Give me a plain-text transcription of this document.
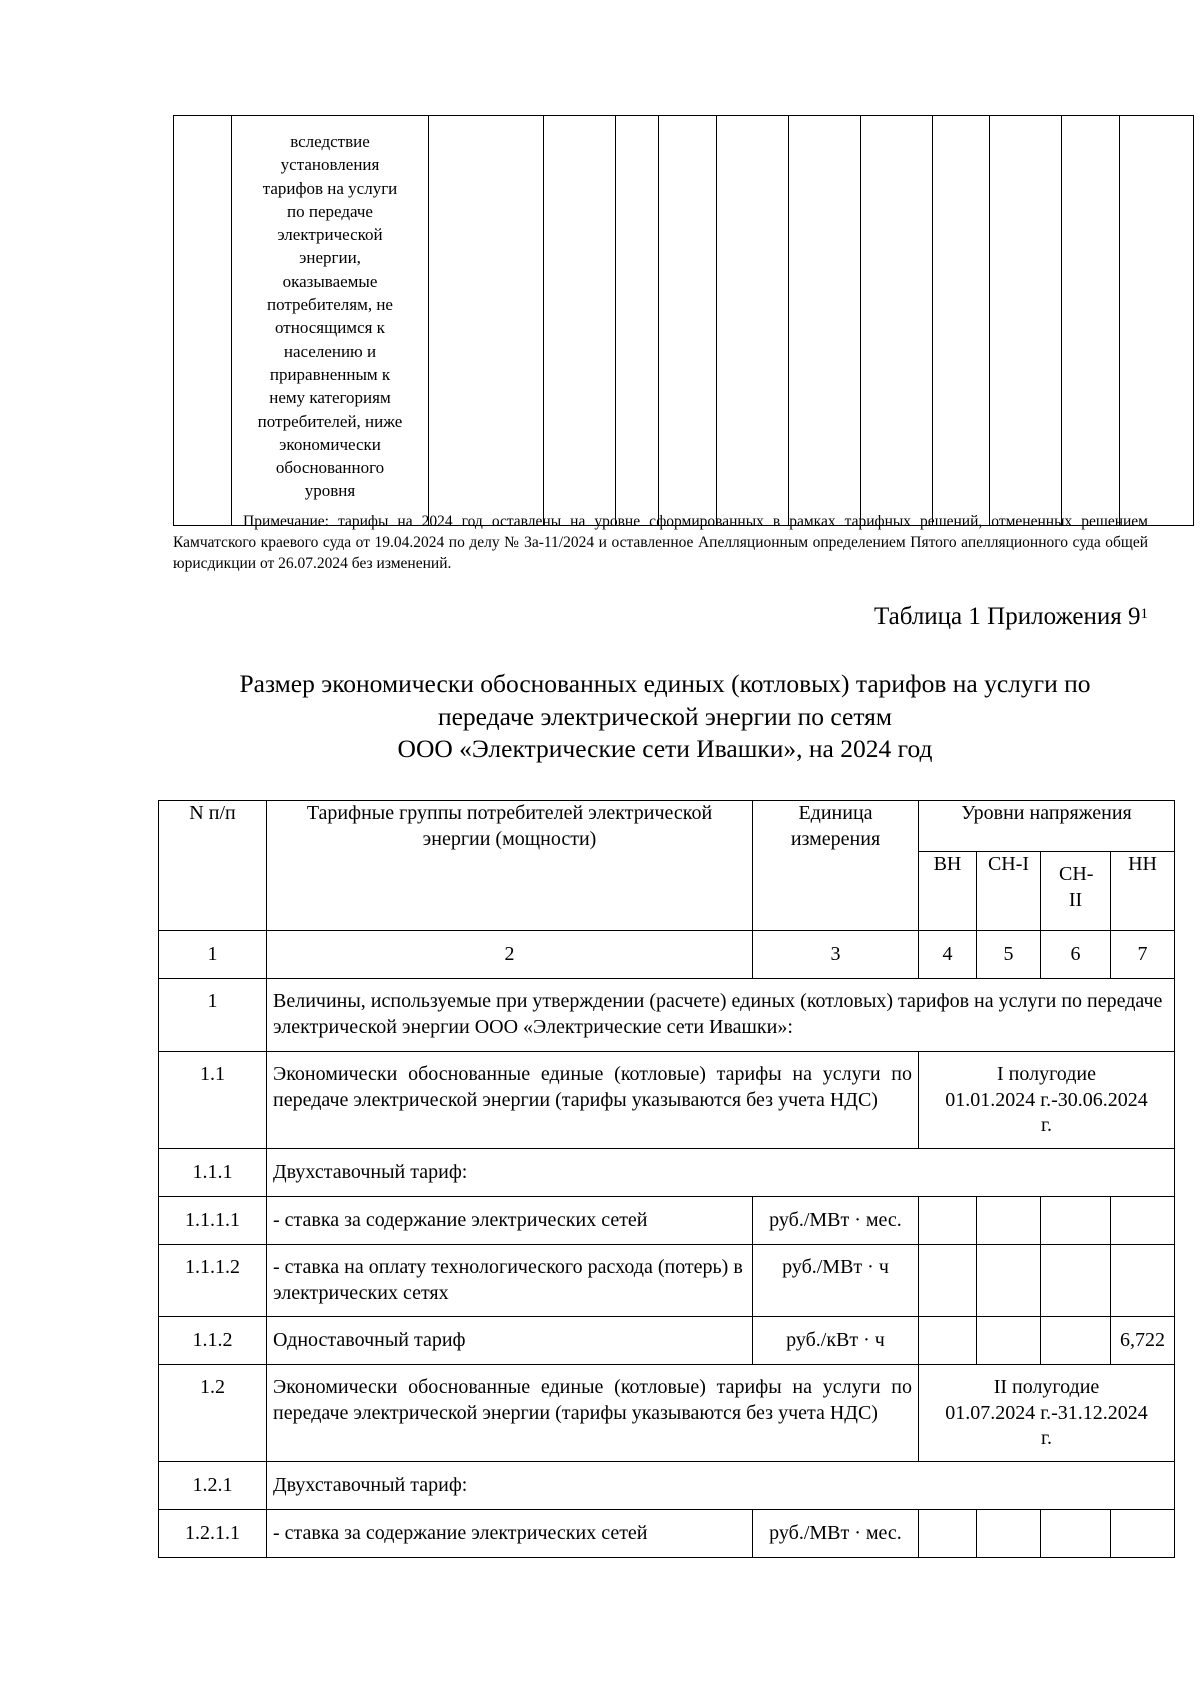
	вследствие
установления
тарифов на услуги
по передаче
электрической
энергии,
оказываемые
потребителям, не
относящимся к
населению и
приравненным к
нему категориям
потребителей, ниже
экономически
обоснованного
уровня											
Примечание: тарифы на 2024 год оставлены на уровне сформированных в рамках тарифных решений, отмененных решением Камчатского краевого суда от 19.04.2024 по делу № 3а-11/2024 и оставленное Апелляционным определением Пятого апелляционного суда общей юрисдикции от 26.07.2024 без изменений.
Таблица 1 Приложения $9^1$
Размер экономически обоснованных единых (котловых) тарифов на услуги по
передаче электрической энергии по сетям
ООО «Электрические сети Ивашки», на 2024 год
N п/п	Тарифные группы потребителей электрической энергии (мощности)	Единица измерения	Уровни напряжения			
			ВН	СН-I	СН-II	НН
1	2	3	4	5	6	7
1	Величины, используемые при утверждении (расчете) единых (котловых) тарифов на услуги по передаче электрической энергии ООО «Электрические сети Ивашки»:					
1.1	Экономически обоснованные единые (котловые) тарифы на услуги по передаче электрической энергии (тарифы указываются без учета НДС)		I полугодие
01.01.2024 г.-30.06.2024
г.			

1.1.1	Двухставочный тариф:					
1.1.1.1	- ставка за содержание электрических сетей	руб./МВт · мес.				
1.1.1.2	- ставка на оплату технологического расхода (потерь) в электрических сетях	руб./МВт · ч				
1.1.2	Одноставочный тариф	руб./кВт · ч				6,722
1.2	Экономически обоснованные единые (котловые) тарифы на услуги по передаче электрической энергии (тарифы указываются без учета НДС)		II полугодие
01.07.2024 г.-31.12.2024
г.			

1.2.1	Двухставочный тариф:					
1.2.1.1	- ставка за содержание электрических сетей	руб./МВт · мес.				
